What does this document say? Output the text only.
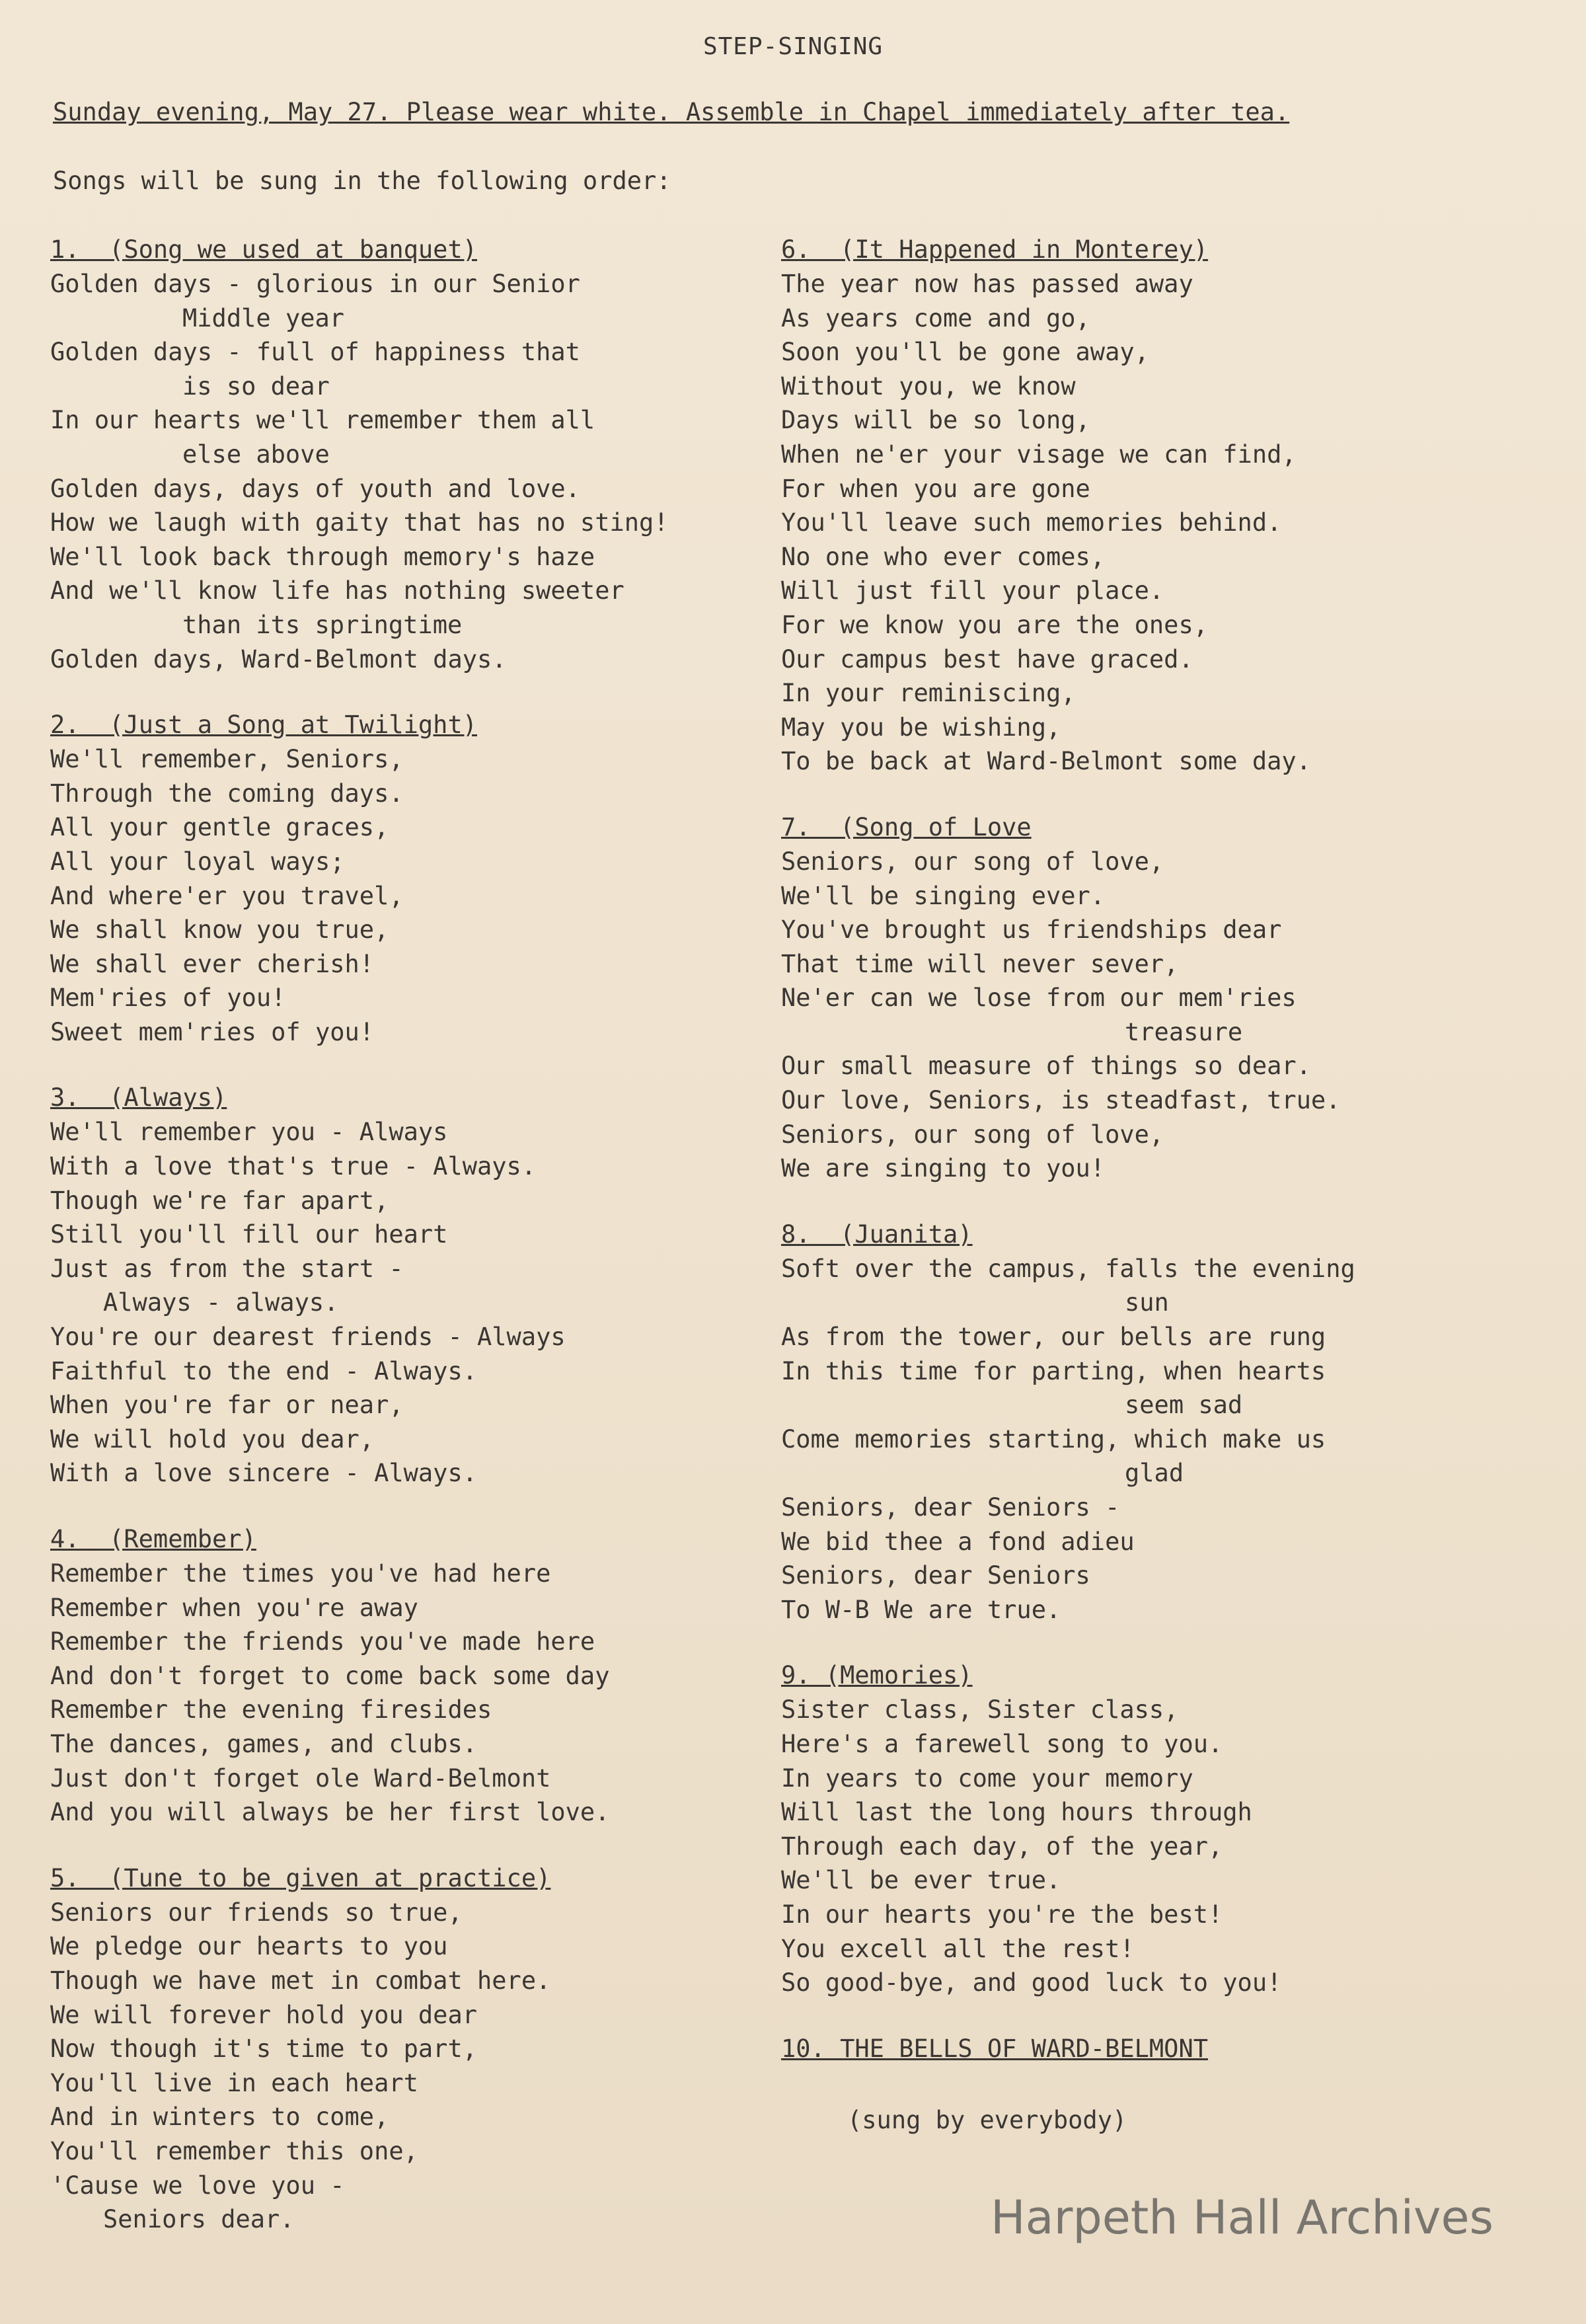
STEP-SINGING
Sunday evening, May 27. Please wear white. Assemble in Chapel immediately after tea.
Songs will be sung in the following order:
1.  (Song we used at banquet)
Golden days - glorious in our Senior
Middle year
Golden days - full of happiness that
is so dear
In our hearts we'll remember them all
else above
Golden days, days of youth and love.
How we laugh with gaity that has no sting!
We'll look back through memory's haze
And we'll know life has nothing sweeter
than its springtime
Golden days, Ward-Belmont days.
2.  (Just a Song at Twilight)
We'll remember, Seniors,
Through the coming days.
All your gentle graces,
All your loyal ways;
And where'er you travel,
We shall know you true,
We shall ever cherish!
Mem'ries of you!
Sweet mem'ries of you!
3.  (Always)
We'll remember you - Always
With a love that's true - Always.
Though we're far apart,
Still you'll fill our heart
Just as from the start -
Always - always.
You're our dearest friends - Always
Faithful to the end - Always.
When you're far or near,
We will hold you dear,
With a love sincere - Always.
4.  (Remember)
Remember the times you've had here
Remember when you're away
Remember the friends you've made here
And don't forget to come back some day
Remember the evening firesides
The dances, games, and clubs.
Just don't forget ole Ward-Belmont
And you will always be her first love.
5.  (Tune to be given at practice)
Seniors our friends so true,
We pledge our hearts to you
Though we have met in combat here.
We will forever hold you dear
Now though it's time to part,
You'll live in each heart
And in winters to come,
You'll remember this one,
'Cause we love you -
Seniors dear.
6.  (It Happened in Monterey)
The year now has passed away
As years come and go,
Soon you'll be gone away,
Without you, we know
Days will be so long,
When ne'er your visage we can find,
For when you are gone
You'll leave such memories behind.
No one who ever comes,
Will just fill your place.
For we know you are the ones,
Our campus best have graced.
In your reminiscing,
May you be wishing,
To be back at Ward-Belmont some day.
7.  (Song of Love
Seniors, our song of love,
We'll be singing ever.
You've brought us friendships dear
That time will never sever,
Ne'er can we lose from our mem'ries
treasure
Our small measure of things so dear.
Our love, Seniors, is steadfast, true.
Seniors, our song of love,
We are singing to you!
8.  (Juanita)
Soft over the campus, falls the evening
sun
As from the tower, our bells are rung
In this time for parting, when hearts
seem sad
Come memories starting, which make us
glad
Seniors, dear Seniors -
We bid thee a fond adieu
Seniors, dear Seniors
To W-B We are true.
9. (Memories)
Sister class, Sister class,
Here's a farewell song to you.
In years to come your memory
Will last the long hours through
Through each day, of the year,
We'll be ever true.
In our hearts you're the best!
You excell all the rest!
So good-bye, and good luck to you!
10. THE BELLS OF WARD-BELMONT
(sung by everybody)
Harpeth Hall Archives
